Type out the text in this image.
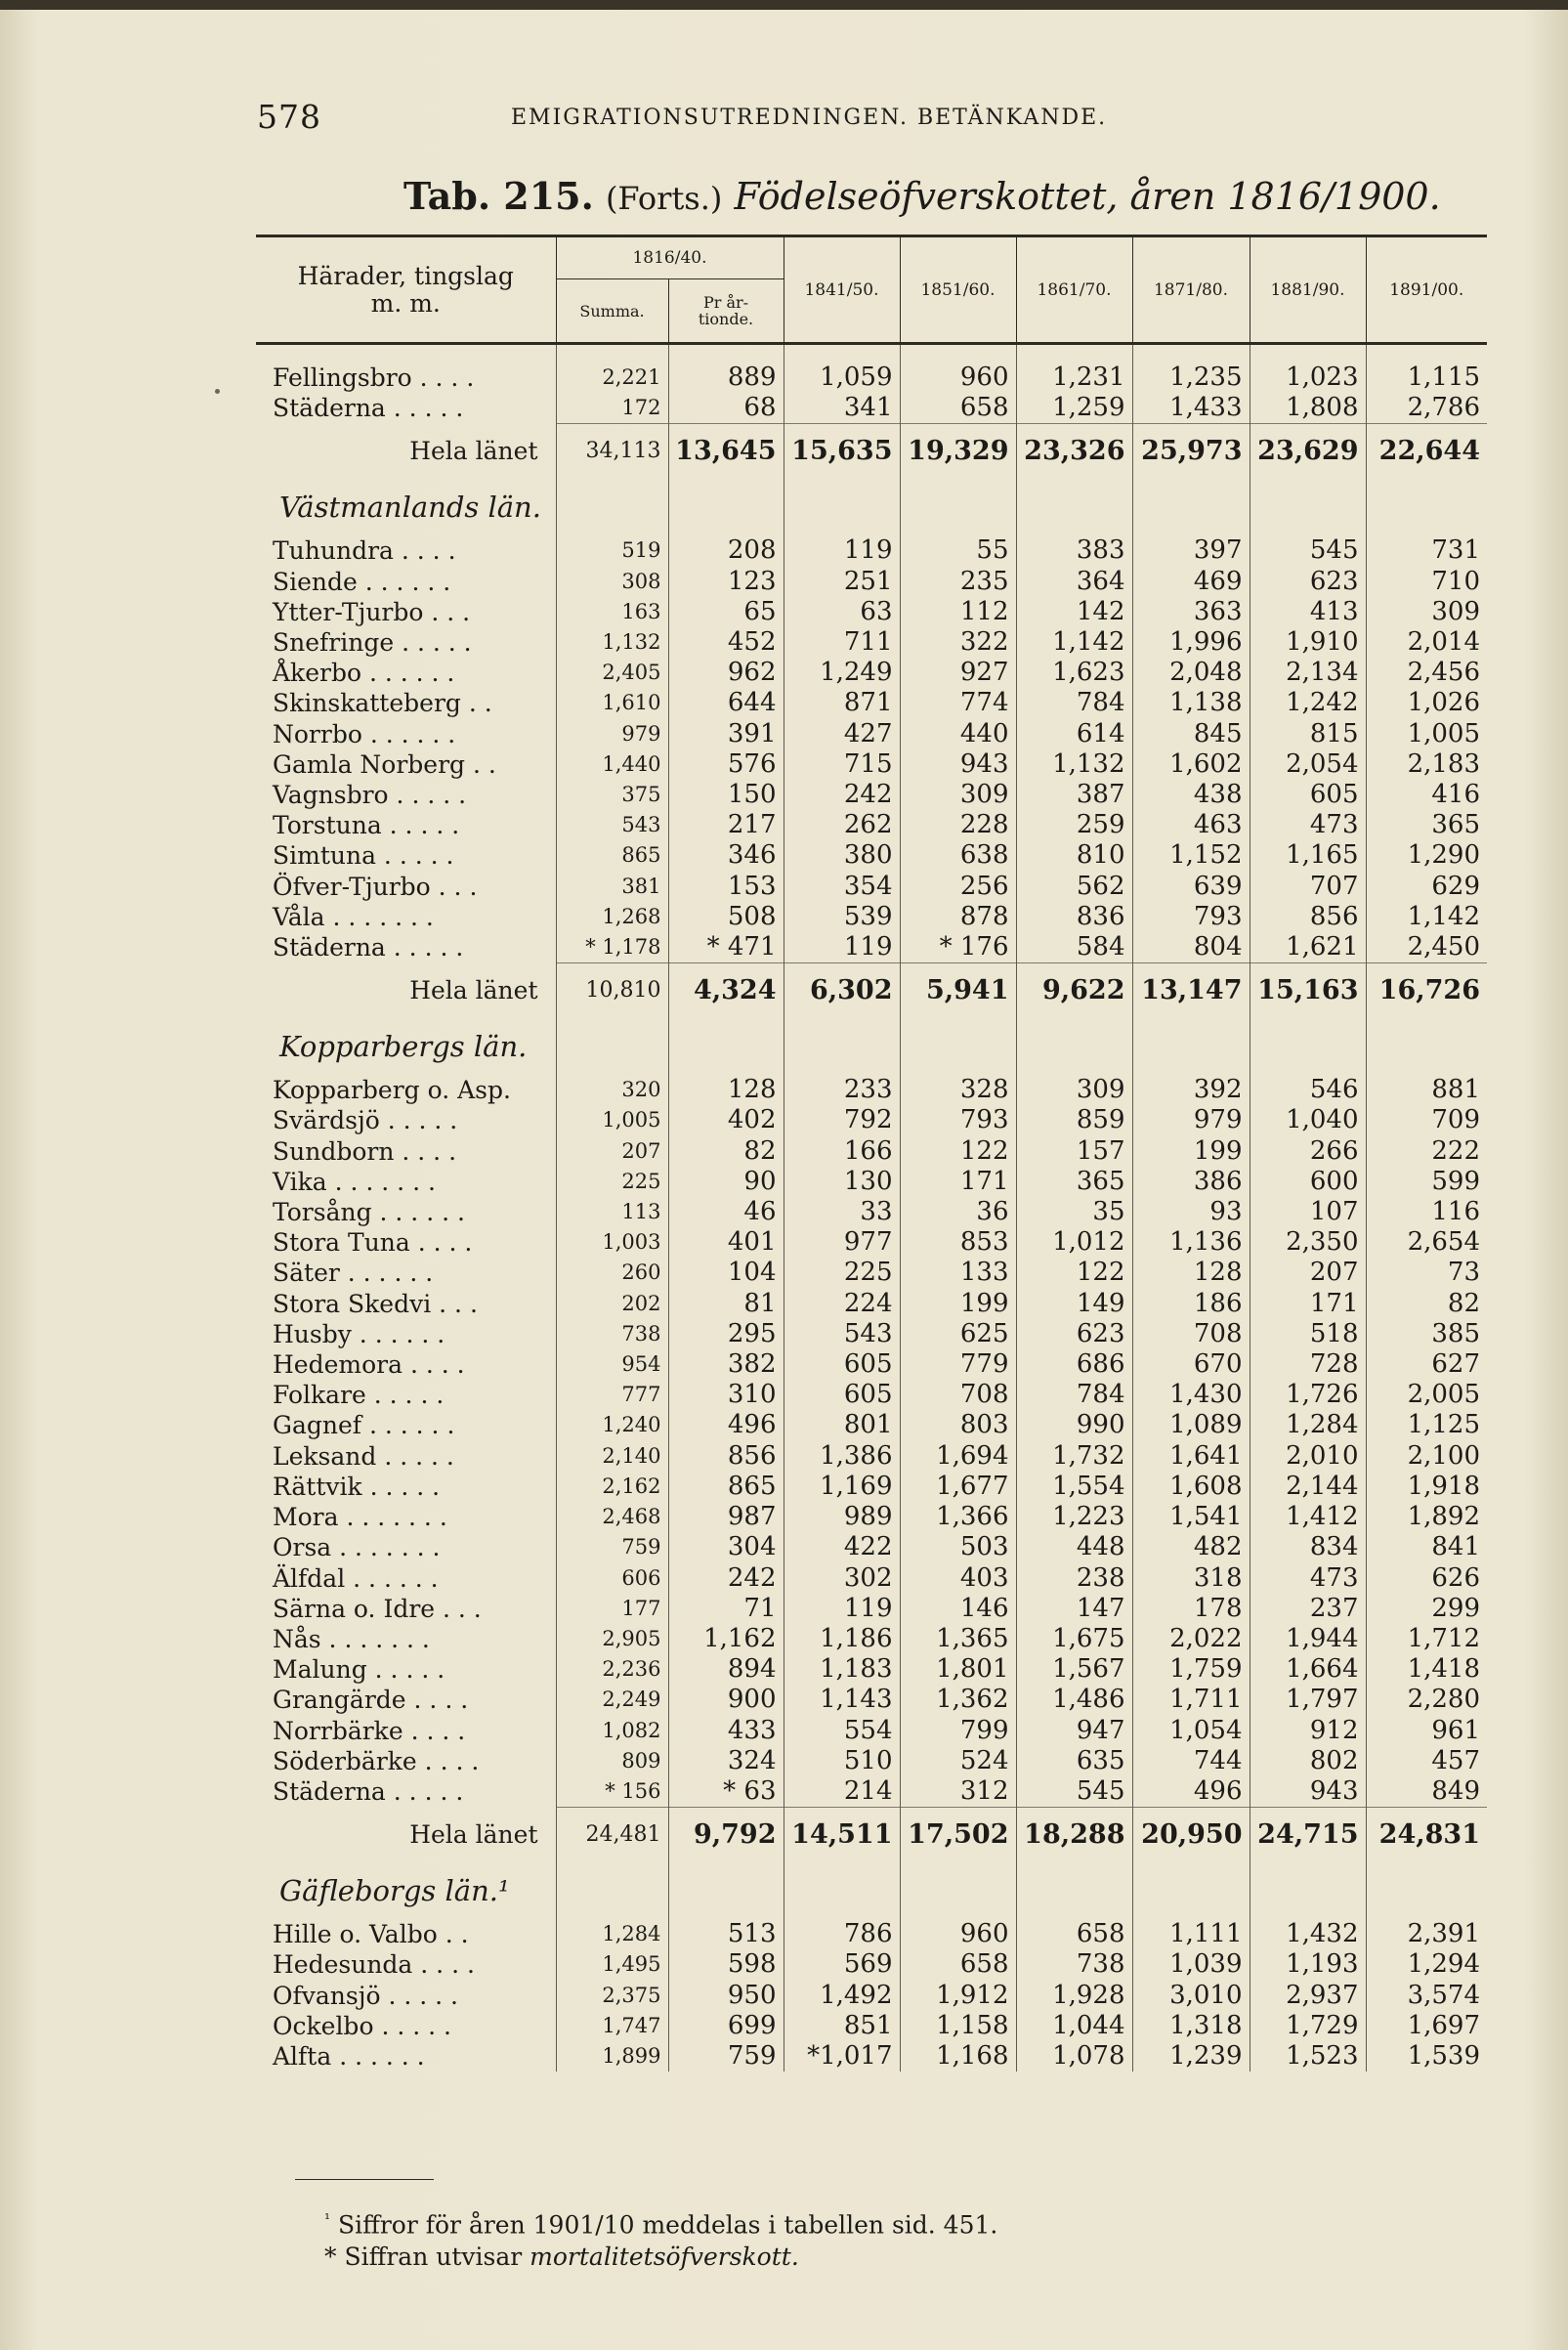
578	EMIGRATIONSUTREDNINGEN. BETÄNKANDE.
Tab. 215. (Forts.) Födelseöfverskottet, åren 1816/1900.
Härader, tingslag m. m.	1816/40.		1841/50.	1851/60.	1861/70.	1871/80.	1881/90.	1891/00.
	Summa.	Pr år-tionde.						

Fellingsbro . . . .	2,221	889	1,059	960	1,231	1,235	1,023	1,115
Städerna . . . . .	172	68	341	658	1,259	1,433	1,808	2,786
Hela länet	34,113	13,645	15,635	19,329	23,326	25,973	23,629	22,644
Västmanlands län.								
Tuhundra . . . .	519	208	119	55	383	397	545	731
Siende . . . . . .	308	123	251	235	364	469	623	710
Ytter-Tjurbo . . .	163	65	63	112	142	363	413	309
Snefringe . . . . .	1,132	452	711	322	1,142	1,996	1,910	2,014
Åkerbo . . . . . .	2,405	962	1,249	927	1,623	2,048	2,134	2,456
Skinskatteberg . .	1,610	644	871	774	784	1,138	1,242	1,026
Norrbo . . . . . .	979	391	427	440	614	845	815	1,005
Gamla Norberg . .	1,440	576	715	943	1,132	1,602	2,054	2,183
Vagnsbro . . . . .	375	150	242	309	387	438	605	416
Torstuna . . . . .	543	217	262	228	259	463	473	365
Simtuna . . . . .	865	346	380	638	810	1,152	1,165	1,290
Öfver-Tjurbo . . .	381	153	354	256	562	639	707	629
Våla . . . . . . .	1,268	508	539	878	836	793	856	1,142
Städerna . . . . .	* 1,178	* 471	119	* 176	584	804	1,621	2,450
Hela länet	10,810	4,324	6,302	5,941	9,622	13,147	15,163	16,726
Kopparbergs län.								
Kopparberg o. Asp.	320	128	233	328	309	392	546	881
Svärdsjö . . . . .	1,005	402	792	793	859	979	1,040	709
Sundborn . . . .	207	82	166	122	157	199	266	222
Vika . . . . . . .	225	90	130	171	365	386	600	599
Torsång . . . . . .	113	46	33	36	35	93	107	116
Stora Tuna . . . .	1,003	401	977	853	1,012	1,136	2,350	2,654
Säter . . . . . .	260	104	225	133	122	128	207	73
Stora Skedvi . . .	202	81	224	199	149	186	171	82
Husby . . . . . .	738	295	543	625	623	708	518	385
Hedemora . . . .	954	382	605	779	686	670	728	627
Folkare . . . . .	777	310	605	708	784	1,430	1,726	2,005
Gagnef . . . . . .	1,240	496	801	803	990	1,089	1,284	1,125
Leksand . . . . .	2,140	856	1,386	1,694	1,732	1,641	2,010	2,100
Rättvik . . . . .	2,162	865	1,169	1,677	1,554	1,608	2,144	1,918
Mora . . . . . . .	2,468	987	989	1,366	1,223	1,541	1,412	1,892
Orsa . . . . . . .	759	304	422	503	448	482	834	841
Älfdal . . . . . .	606	242	302	403	238	318	473	626
Särna o. Idre . . .	177	71	119	146	147	178	237	299
Nås . . . . . . .	2,905	1,162	1,186	1,365	1,675	2,022	1,944	1,712
Malung . . . . .	2,236	894	1,183	1,801	1,567	1,759	1,664	1,418
Grangärde . . . .	2,249	900	1,143	1,362	1,486	1,711	1,797	2,280
Norrbärke . . . .	1,082	433	554	799	947	1,054	912	961
Söderbärke . . . .	809	324	510	524	635	744	802	457
Städerna . . . . .	* 156	* 63	214	312	545	496	943	849
Hela länet	24,481	9,792	14,511	17,502	18,288	20,950	24,715	24,831
Gäfleborgs län.¹								
Hille o. Valbo . .	1,284	513	786	960	658	1,111	1,432	2,391
Hedesunda . . . .	1,495	598	569	658	738	1,039	1,193	1,294
Ofvansjö . . . . .	2,375	950	1,492	1,912	1,928	3,010	2,937	3,574
Ockelbo . . . . .	1,747	699	851	1,158	1,044	1,318	1,729	1,697
Alfta . . . . . .	1,899	759	*1,017	1,168	1,078	1,239	1,523	1,539
$^{^1}$ Siffror för åren 1901/10 meddelas i tabellen sid. 451.
* Siffran utvisar mortalitetsöfverskott.
